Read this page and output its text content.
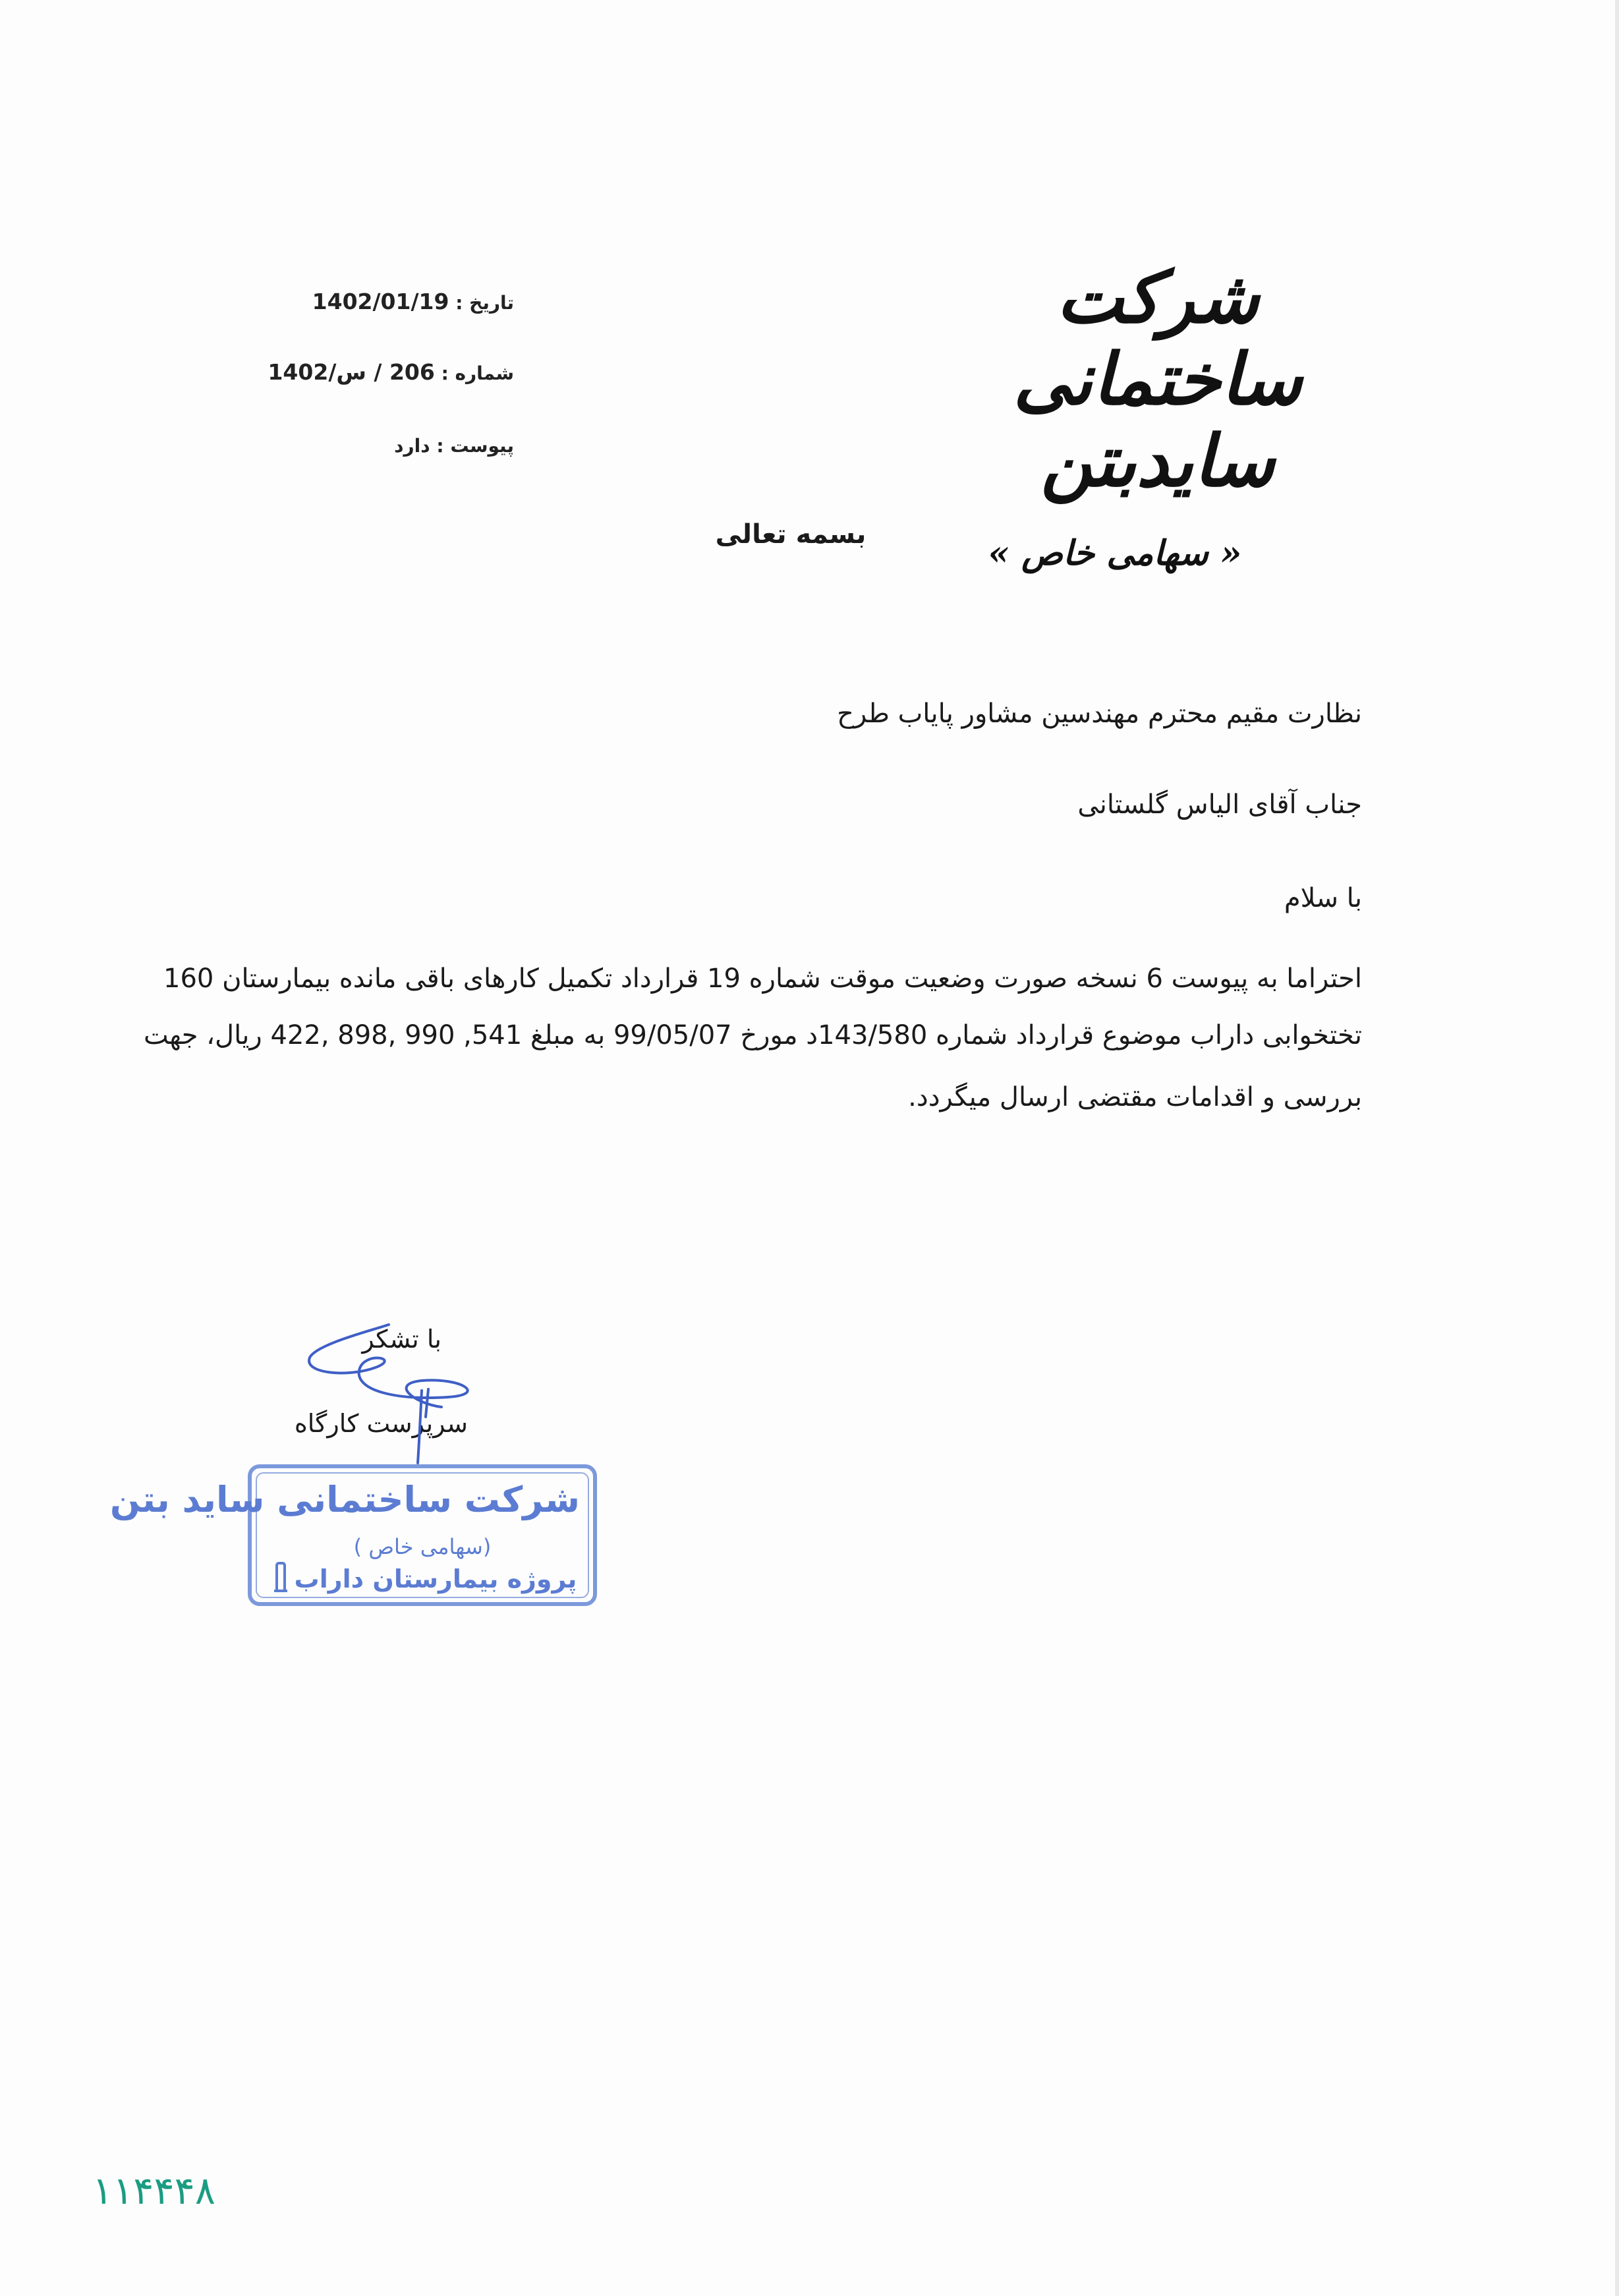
شرکت ساختمانی سایدبتن
« سهامی خاص »
تاریخ : 1402/01/19
شماره : 206 / س/1402
پیوست : دارد
بسمه تعالی
نظارت مقیم محترم مهندسین مشاور پایاب طرح
جناب آقای الیاس گلستانی
با سلام
احتراما به پیوست 6 نسخه صورت وضعیت موقت شماره 19 قرارداد تکمیل کارهای باقی مانده بیمارستان 160
تختخوابی داراب موضوع قرارداد شماره 143/580د مورخ 99/05/07 به مبلغ 541, 990 ,898 ,422 ریال، جهت
بررسی و اقدامات مقتضی ارسال میگردد.
با تشکر
سرپرست کارگاه
شرکت ساختمانی ساید بتن
(سهامی خاص )
پروژه بیمارستان داراب
۱۱۴۴۴۸
